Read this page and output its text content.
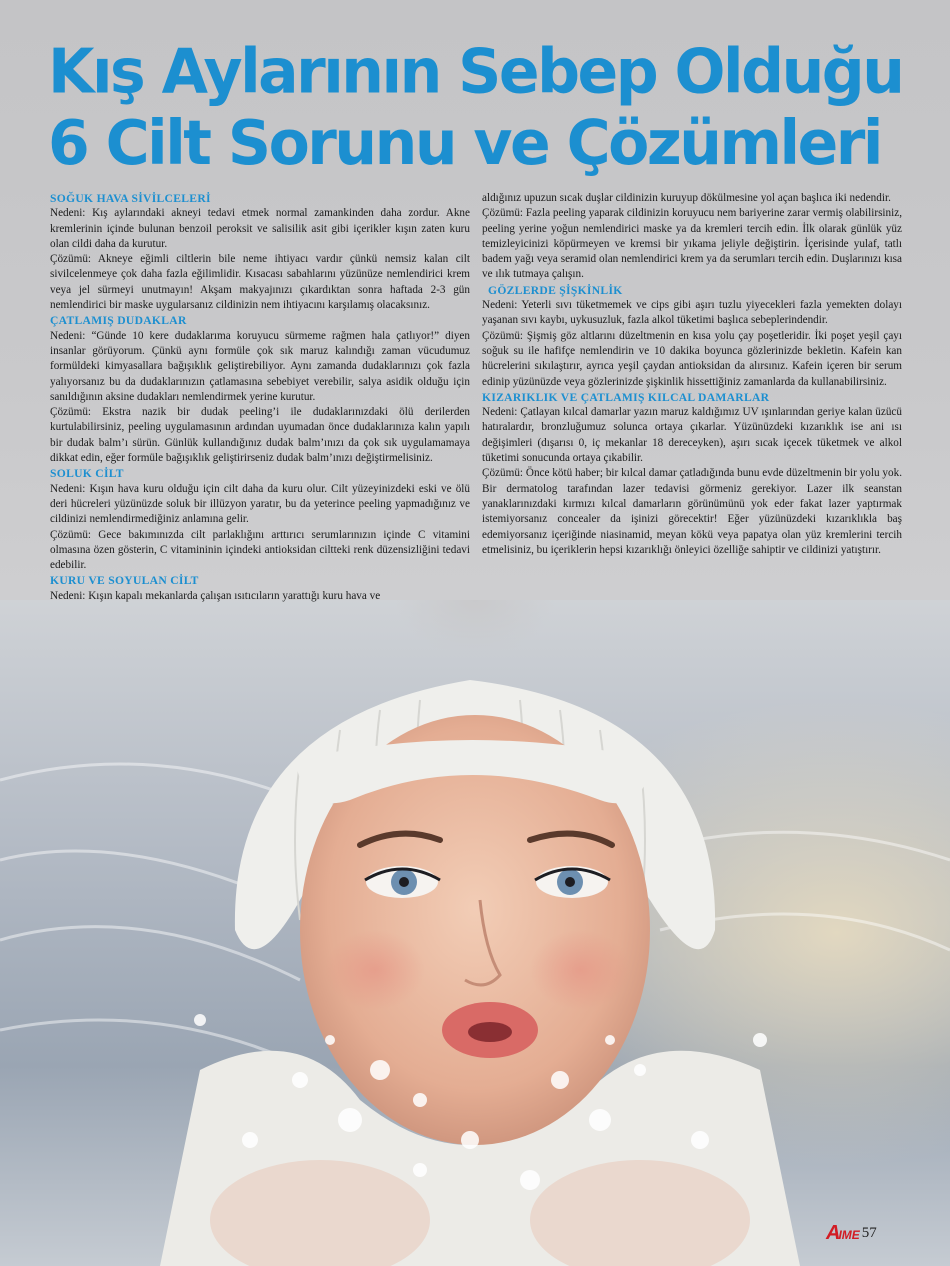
Kış Aylarının Sebep Olduğu
6 Cilt Sorunu ve Çözümleri
SOĞUK HAVA SİVİLCELERİ

Nedeni: Kış aylarındaki akneyi tedavi etmek normal zamankinden daha zordur. Akne kremlerinin içinde bulunan benzoil peroksit ve salisilik asit gibi içerikler kışın zaten kuru olan cildi daha da kurutur.

Çözümü: Akneye eğimli ciltlerin bile neme ihtiyacı vardır çünkü nemsiz kalan cilt sivilcelenmeye çok daha fazla eğilimlidir. Kısacası sabahlarını yüzünüze nemlendirici krem veya jel sürmeyi unutmayın! Akşam makyajınızı çıkardıktan sonra haftada 2-3 gün nemlendirici bir maske uygularsanız cildinizin nem ihtiyacını karşılamış olacaksınız.

ÇATLAMIŞ DUDAKLAR

Nedeni: “Günde 10 kere dudaklarıma koruyucu sürmeme rağmen hala çatlıyor!” diyen insanlar görüyorum. Çünkü aynı formüle çok sık maruz kalındığı zaman vücudumuz formüldeki kimyasallara bağışıklık geliştirebiliyor. Aynı zamanda dudaklarınızı çok fazla yalıyorsanız bu da dudaklarınızın çatlamasına sebebiyet verebilir, salya asidik olduğu için sanıldığının aksine dudakları nemlendirmek yerine kurutur.

Çözümü: Ekstra nazik bir dudak peeling’i ile dudaklarınızdaki ölü derilerden kurtulabilirsiniz, peeling uygulamasının ardından uyumadan önce dudaklarınıza kalın yapılı bir dudak balm’ı sürün. Günlük kullandığınız dudak balm’ınızı da çok sık uygulamamaya dikkat edin, eğer formüle bağışıklık geliştirirseniz dudak balm’ınızı değiştirmelisiniz.

SOLUK CİLT

Nedeni: Kışın hava kuru olduğu için cilt daha da kuru olur. Cilt yüzeyinizdeki eski ve ölü deri hücreleri yüzünüzde soluk bir illüzyon yaratır, bu da yeterince peeling yapmadığınız ve cildinizi nemlendirmediğiniz anlamına gelir.

Çözümü: Gece bakımınızda cilt parlaklığını arttırıcı serumlarınızın içinde C vitamini olmasına özen gösterin, C vitamininin içindeki antioksidan ciltteki renk düzensizliğini tedavi edebilir.

KURU VE SOYULAN CİLT

Nedeni: Kışın kapalı mekanlarda çalışan ısıtıcıların yarattığı kuru hava ve

aldığınız upuzun sıcak duşlar cildinizin kuruyup dökülmesine yol açan başlıca iki nedendir.

Çözümü: Fazla peeling yaparak cildinizin koruyucu nem bariyerine zarar vermiş olabilirsiniz, peeling yerine yoğun nemlendirici maske ya da kremleri tercih edin. İlk olarak günlük yüz temizleyicinizi köpürmeyen ve kremsi bir yıkama jeliyle değiştirin. İçerisinde yulaf, tatlı badem yağı veya seramid olan nemlendirici krem ya da serumları tercih edin. Duşlarınızı kısa ve ılık tutmaya çalışın.

GÖZLERDE ŞİŞKİNLİK

Nedeni: Yeterli sıvı tüketmemek ve cips gibi aşırı tuzlu yiyecekleri fazla yemekten dolayı yaşanan sıvı kaybı, uykusuzluk, fazla alkol tüketimi başlıca sebeplerindendir.

Çözümü: Şişmiş göz altlarını düzeltmenin en kısa yolu çay poşetleridir. İki poşet yeşil çayı soğuk su ile hafifçe nemlendirin ve 10 dakika boyunca gözlerinizde bekletin. Kafein kan hücrelerini sıkılaştırır, ayrıca yeşil çaydan antioksidan da alırsınız. Kafein içeren bir serum edinip yüzünüzde veya gözlerinizde şişkinlik hissettiğiniz zamanlarda da kullanabilirsiniz.

KIZARIKLIK VE ÇATLAMIŞ KILCAL DAMARLAR

Nedeni: Çatlayan kılcal damarlar yazın maruz kaldığımız UV ışınlarından geriye kalan üzücü hatıralardır, bronzluğumuz solunca ortaya çıkarlar. Yüzünüzdeki kızarıklık ise ani ısı değişimleri (dışarısı 0, iç mekanlar 18 dereceyken), aşırı sıcak içecek tüketmek ve alkol tüketimi sonucunda ortaya çıkabilir.

Çözümü: Önce kötü haber; bir kılcal damar çatladığında bunu evde düzeltmenin bir yolu yok. Bir dermatolog tarafından lazer tedavisi görmeniz gerekiyor. Lazer ilk seanstan yanaklarınızdaki kırmızı kılcal damarların görünümünü yok eder fakat lazer yaptırmak istemiyorsanız concealer da işinizi görecektir! Eğer yüzünüzdeki kızarıklıkla baş edemiyorsanız içeriğinde niasinamid, meyan kökü veya papatya olan yüz kremlerini tercih etmelisiniz, bu içeriklerin hepsi kızarıklığı önleyici özelliğe sahiptir ve cildinizi yatıştırır.

A
IME 57
